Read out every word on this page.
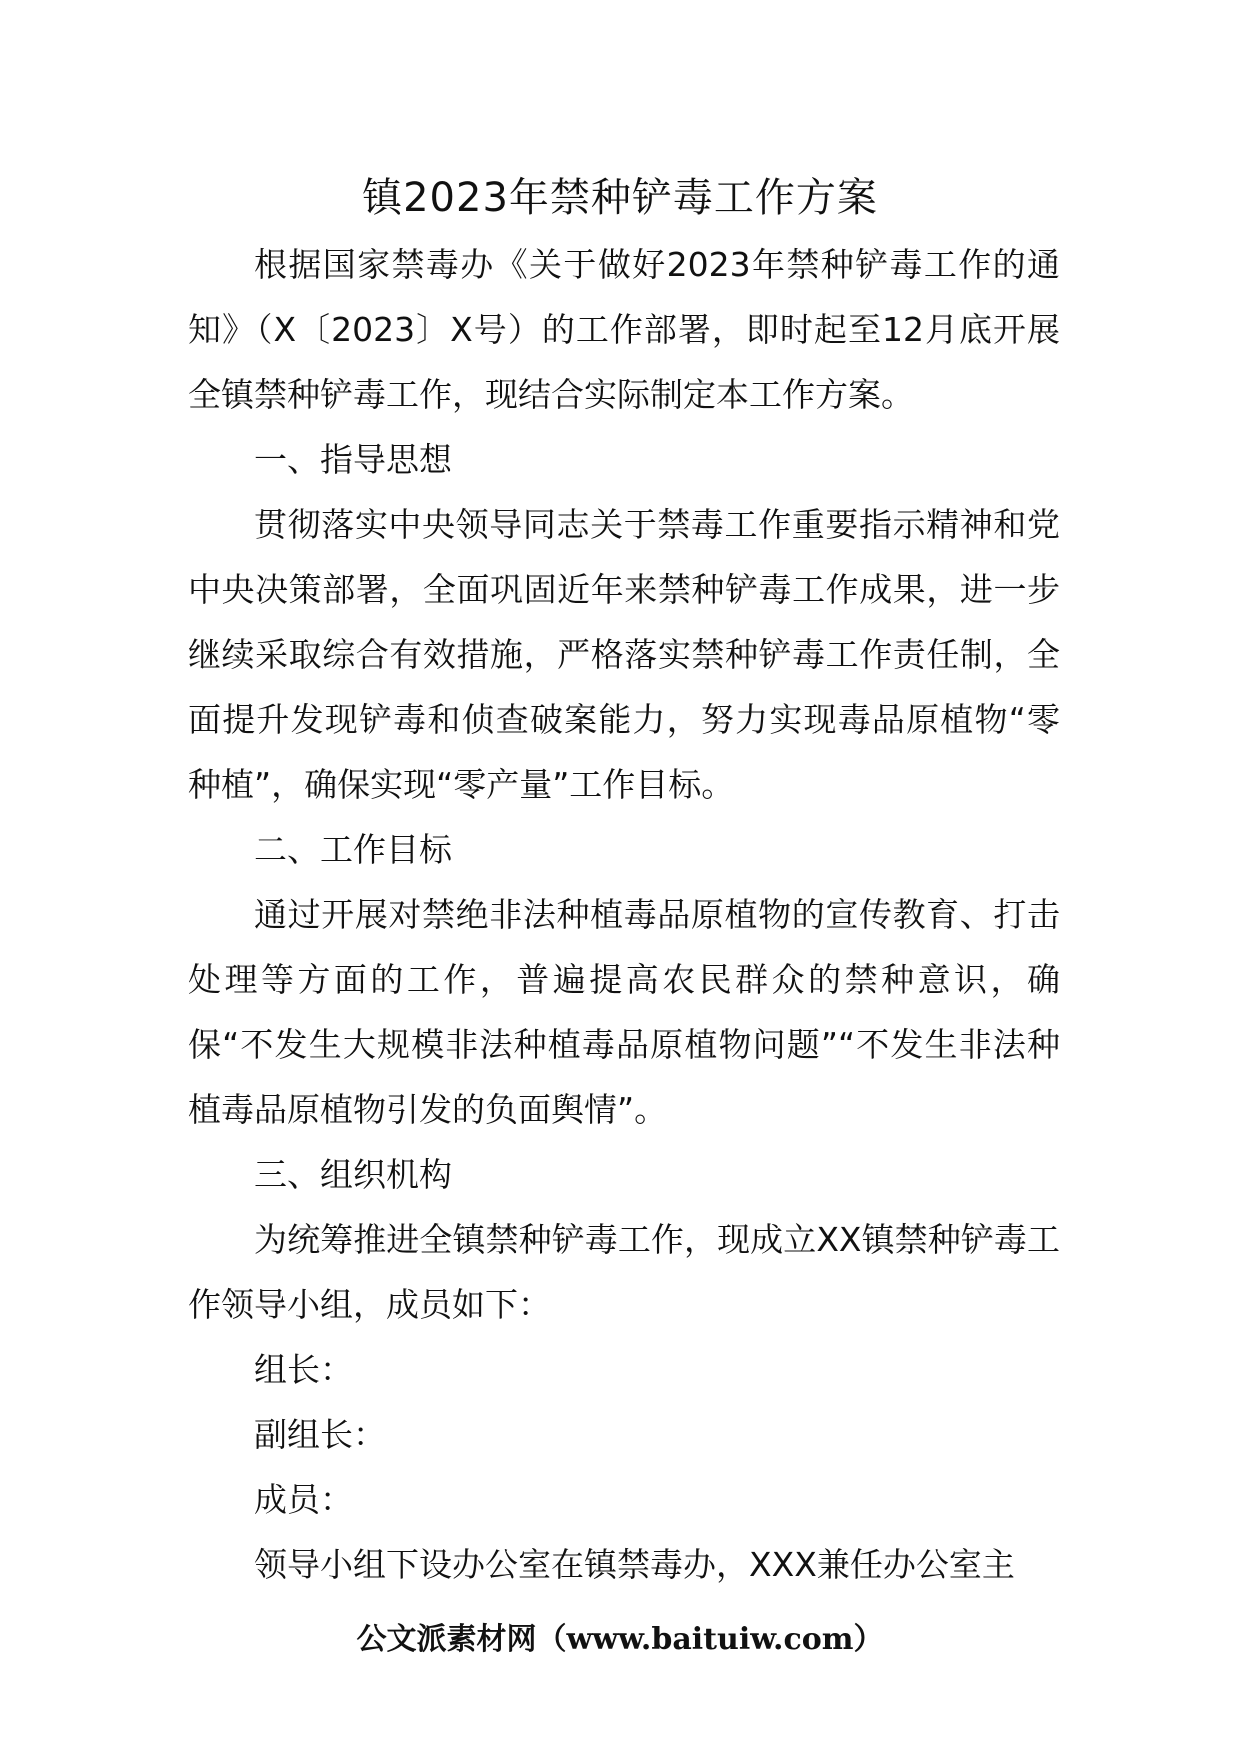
镇2023年禁种铲毒工作方案

根据国家禁毒办《关于做好2023年禁种铲毒工作的通知》（X〔2023〕X号）的工作部署，即时起至12月底开展全镇禁种铲毒工作，现结合实际制定本工作方案。

一、指导思想

贯彻落实中央领导同志关于禁毒工作重要指示精神和党中央决策部署，全面巩固近年来禁种铲毒工作成果，进一步继续采取综合有效措施，严格落实禁种铲毒工作责任制，全面提升发现铲毒和侦查破案能力，努力实现毒品原植物“零种植”，确保实现“零产量”工作目标。

二、工作目标

通过开展对禁绝非法种植毒品原植物的宣传教育、打击处理等方面的工作，普遍提高农民群众的禁种意识，确保“不发生大规模非法种植毒品原植物问题”“不发生非法种植毒品原植物引发的负面舆情”。

三、组织机构

为统筹推进全镇禁种铲毒工作，现成立XX镇禁种铲毒工作领导小组，成员如下：

组长：

副组长：

成员：

领导小组下设办公室在镇禁毒办，XXX兼任办公室主

公文派素材网（www.baituiw.com）
